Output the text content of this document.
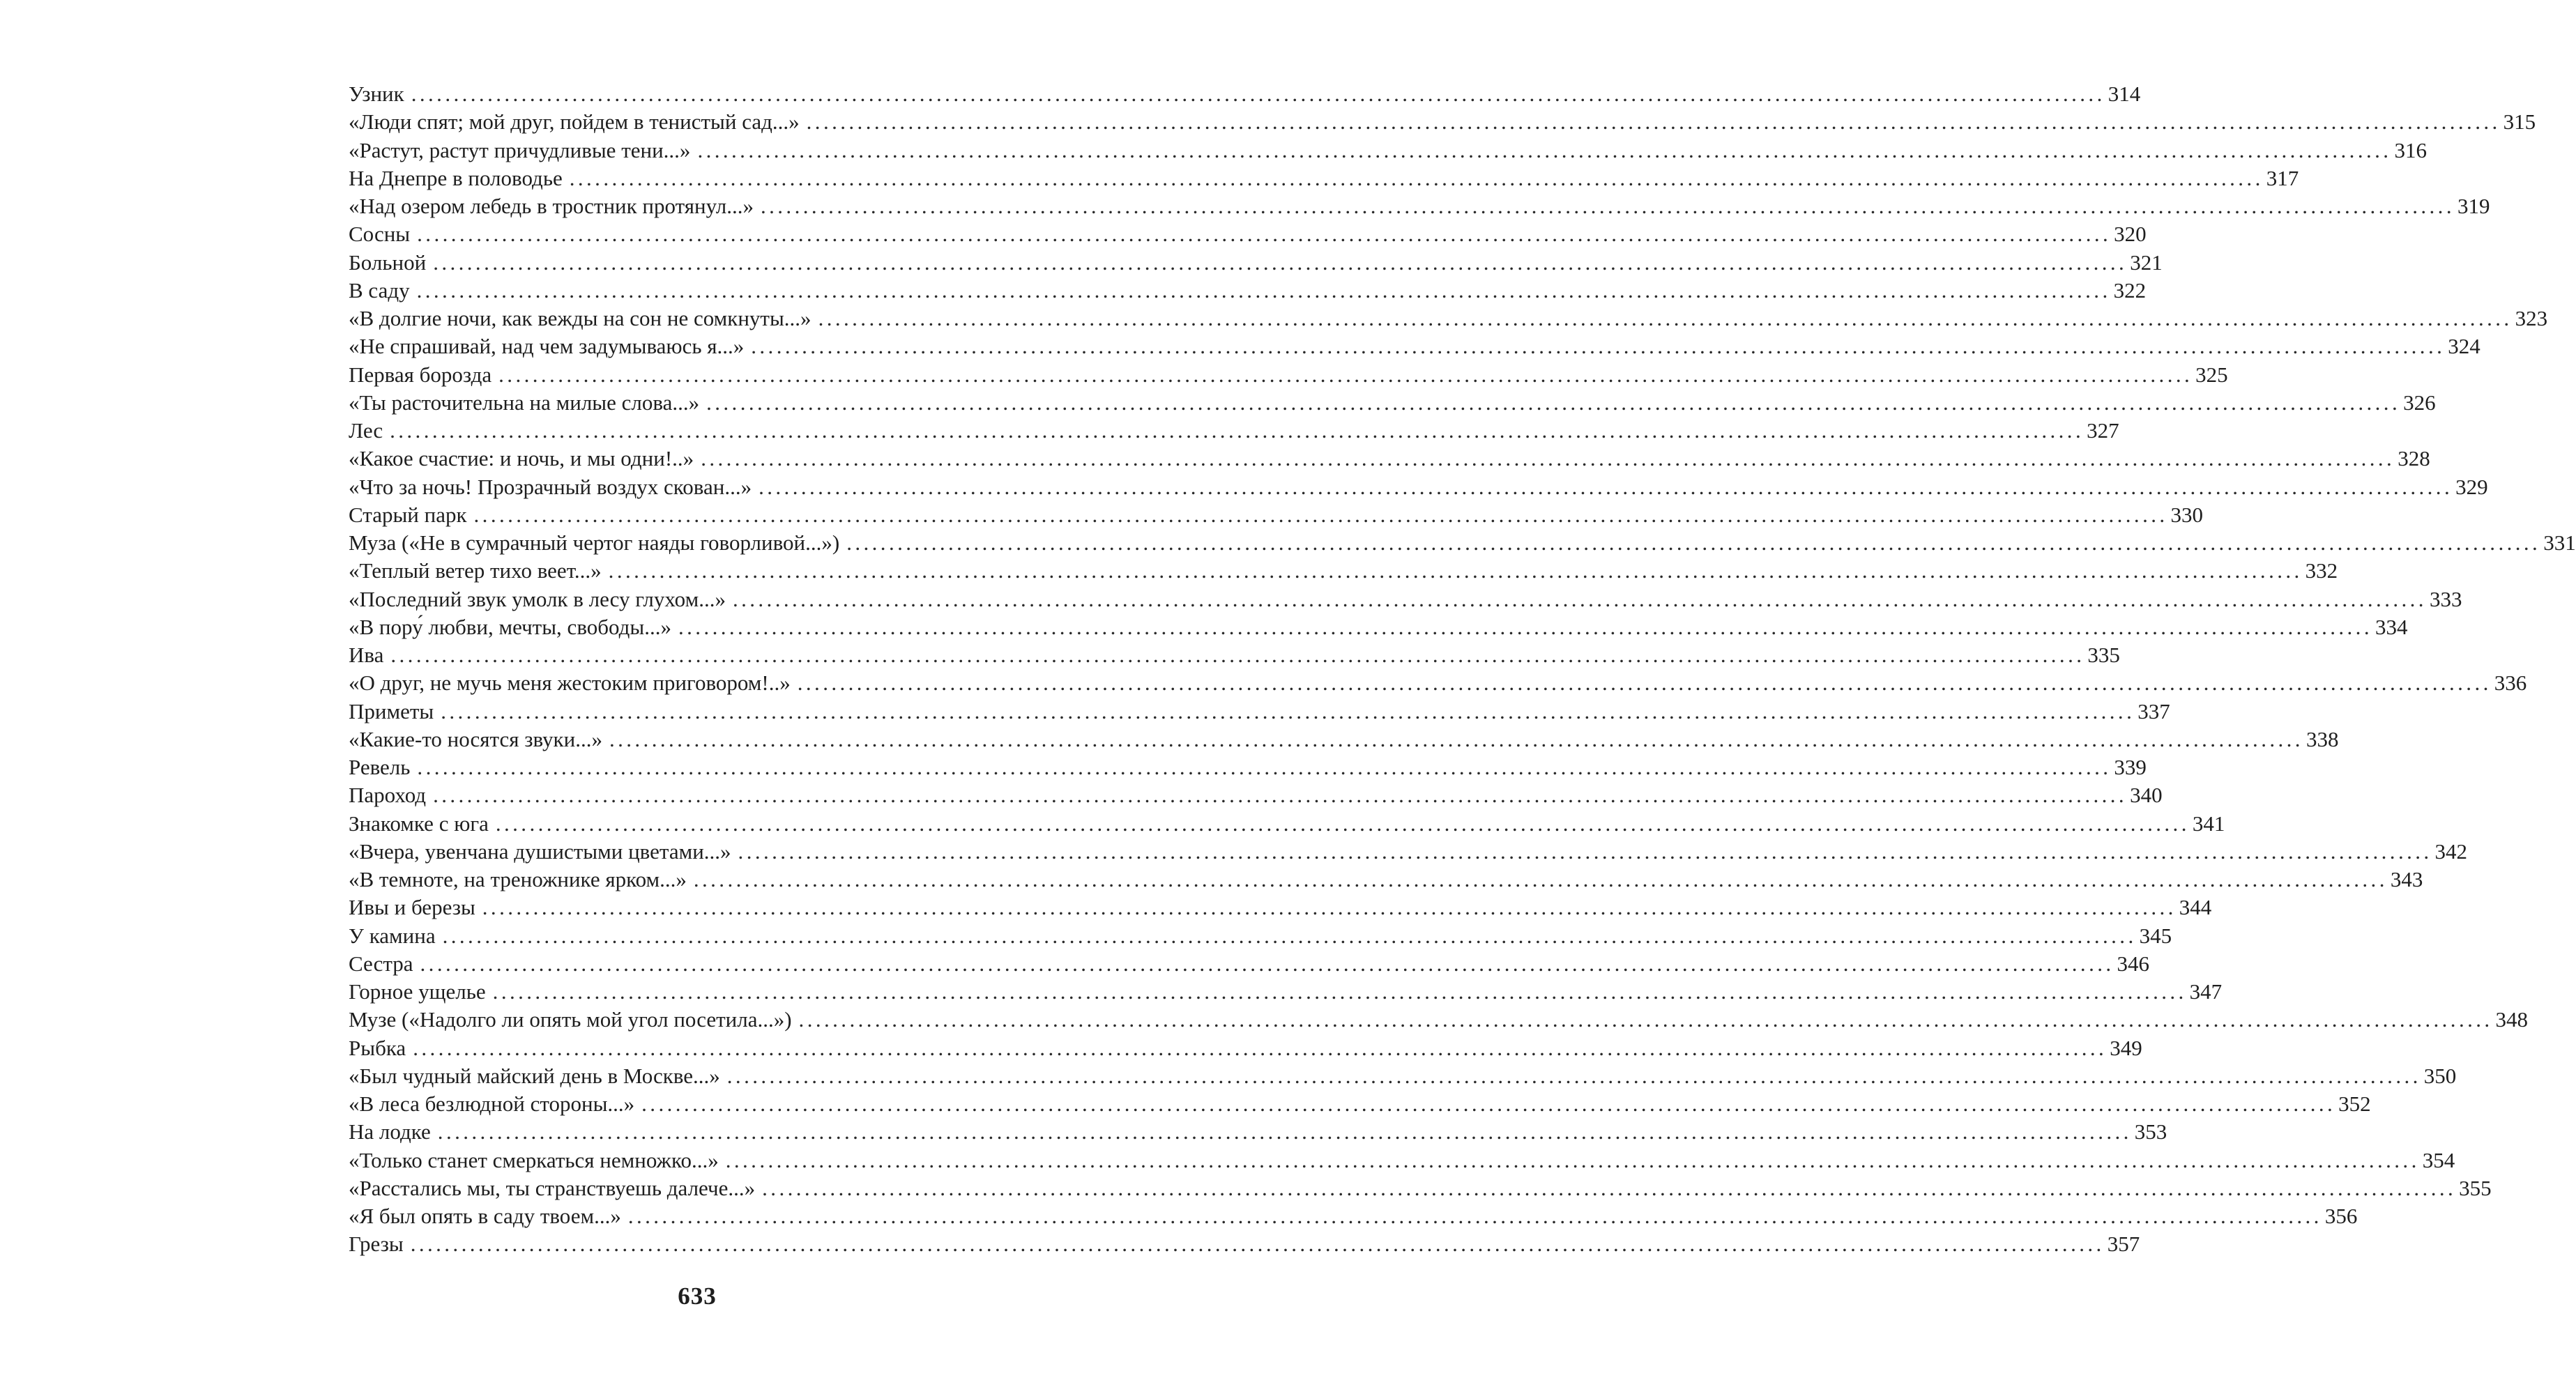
Узник ........................................................................................................................................................................................................ 314
«Люди спят; мой друг, пойдем в тенистый сад...» ........................................................................................................................................................................................................ 315
«Растут, растут причудливые тени...» ........................................................................................................................................................................................................ 316
На Днепре в половодье ........................................................................................................................................................................................................ 317
«Над озером лебедь в тростник протянул...» ........................................................................................................................................................................................................ 319
Сосны ........................................................................................................................................................................................................ 320
Больной ........................................................................................................................................................................................................ 321
В саду ........................................................................................................................................................................................................ 322
«В долгие ночи, как вежды на сон не сомкнуты...» ........................................................................................................................................................................................................ 323
«Не спрашивай, над чем задумываюсь я...» ........................................................................................................................................................................................................ 324
Первая борозда ........................................................................................................................................................................................................ 325
«Ты расточительна на милые слова...» ........................................................................................................................................................................................................ 326
Лес ........................................................................................................................................................................................................ 327
«Какое счастие: и ночь, и мы одни!..» ........................................................................................................................................................................................................ 328
«Что за ночь! Прозрачный воздух скован...» ........................................................................................................................................................................................................ 329
Старый парк ........................................................................................................................................................................................................ 330
Муза («Не в сумрачный чертог наяды говорливой...») ........................................................................................................................................................................................................ 331
«Теплый ветер тихо веет...» ........................................................................................................................................................................................................ 332
«Последний звук умолк в лесу глухом...» ........................................................................................................................................................................................................ 333
«В пору́ любви, мечты, свободы...» ........................................................................................................................................................................................................ 334
Ива ........................................................................................................................................................................................................ 335
«О друг, не мучь меня жестоким приговором!..» ........................................................................................................................................................................................................ 336
Приметы ........................................................................................................................................................................................................ 337
«Какие-то носятся звуки...» ........................................................................................................................................................................................................ 338
Ревель ........................................................................................................................................................................................................ 339
Пароход ........................................................................................................................................................................................................ 340
Знакомке с юга ........................................................................................................................................................................................................ 341
«Вчера, увенчана душистыми цветами...» ........................................................................................................................................................................................................ 342
«В темноте, на треножнике ярком...» ........................................................................................................................................................................................................ 343
Ивы и березы ........................................................................................................................................................................................................ 344
У камина ........................................................................................................................................................................................................ 345
Сестра ........................................................................................................................................................................................................ 346
Горное ущелье ........................................................................................................................................................................................................ 347
Музе («Надолго ли опять мой угол посетила...») ........................................................................................................................................................................................................ 348
Рыбка ........................................................................................................................................................................................................ 349
«Был чудный майский день в Москве...» ........................................................................................................................................................................................................ 350
«В леса безлюдной стороны...» ........................................................................................................................................................................................................ 352
На лодке ........................................................................................................................................................................................................ 353
«Только станет смеркаться немножко...» ........................................................................................................................................................................................................ 354
«Расстались мы, ты странствуешь далече...» ........................................................................................................................................................................................................ 355
«Я был опять в саду твоем...» ........................................................................................................................................................................................................ 356
Грезы ........................................................................................................................................................................................................ 357
633
